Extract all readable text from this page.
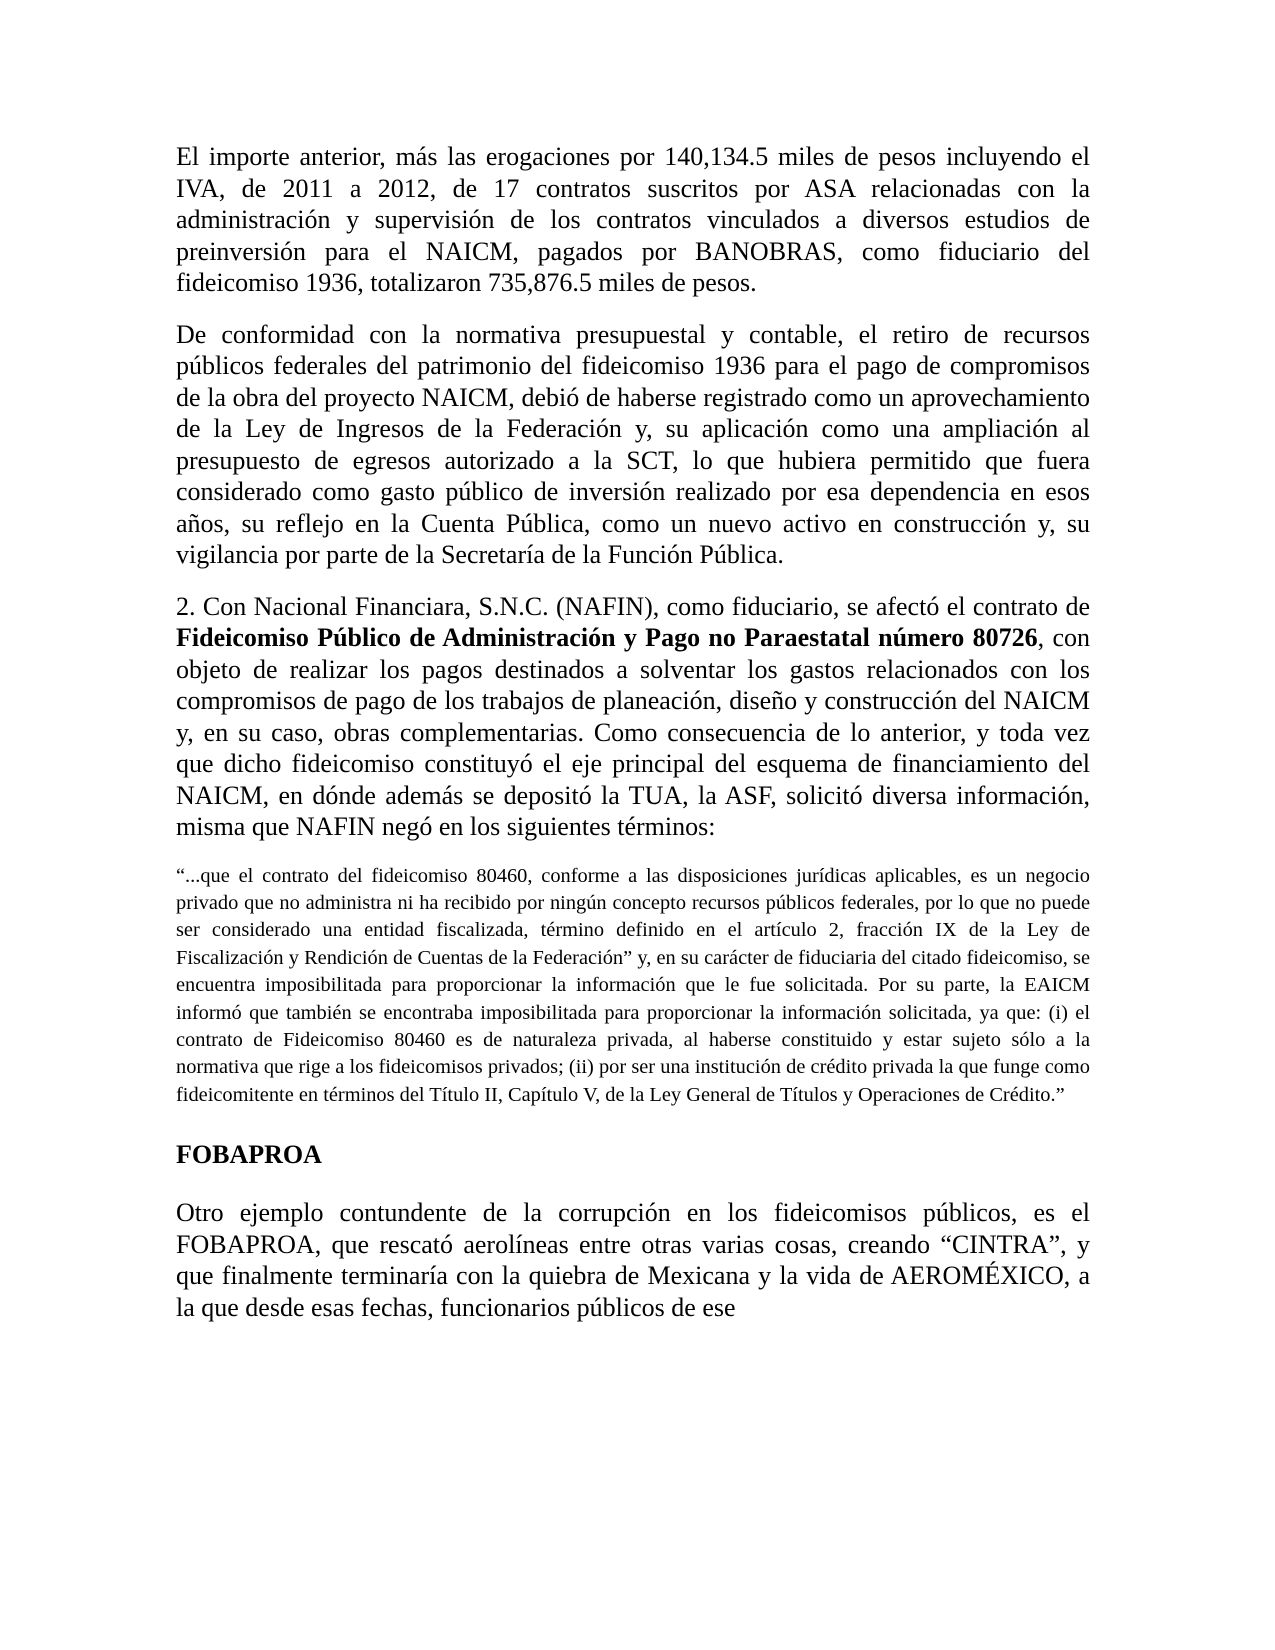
El importe anterior, más las erogaciones por 140,134.5 miles de pesos incluyendo el IVA, de 2011 a 2012, de 17 contratos suscritos por ASA relacionadas con la administración y supervisión de los contratos vinculados a diversos estudios de preinversión para el NAICM, pagados por BANOBRAS, como fiduciario del fideicomiso 1936, totalizaron 735,876.5 miles de pesos.

De conformidad con la normativa presupuestal y contable, el retiro de recursos públicos federales del patrimonio del fideicomiso 1936 para el pago de compromisos de la obra del proyecto NAICM, debió de haberse registrado como un aprovechamiento de la Ley de Ingresos de la Federación y, su aplicación como una ampliación al presupuesto de egresos autorizado a la SCT, lo que hubiera permitido que fuera considerado como gasto público de inversión realizado por esa dependencia en esos años, su reflejo en la Cuenta Pública, como un nuevo activo en construcción y, su vigilancia por parte de la Secretaría de la Función Pública.

2. Con Nacional Financiara, S.N.C. (NAFIN), como fiduciario, se afectó el contrato de Fideicomiso Público de Administración y Pago no Paraestatal número 80726, con objeto de realizar los pagos destinados a solventar los gastos relacionados con los compromisos de pago de los trabajos de planeación, diseño y construcción del NAICM y, en su caso, obras complementarias. Como consecuencia de lo anterior, y toda vez que dicho fideicomiso constituyó el eje principal del esquema de financiamiento del NAICM, en dónde además se depositó la TUA, la ASF, solicitó diversa información, misma que NAFIN negó en los siguientes términos:

“...que el contrato del fideicomiso 80460, conforme a las disposiciones jurídicas aplicables, es un negocio privado que no administra ni ha recibido por ningún concepto recursos públicos federales, por lo que no puede ser considerado una entidad fiscalizada, término definido en el artículo 2, fracción IX de la Ley de Fiscalización y Rendición de Cuentas de la Federación” y, en su carácter de fiduciaria del citado fideicomiso, se encuentra imposibilitada para proporcionar la información que le fue solicitada. Por su parte, la EAICM informó que también se encontraba imposibilitada para proporcionar la información solicitada, ya que: (i) el contrato de Fideicomiso 80460 es de naturaleza privada, al haberse constituido y estar sujeto sólo a la normativa que rige a los fideicomisos privados; (ii) por ser una institución de crédito privada la que funge como fideicomitente en términos del Título II, Capítulo V, de la Ley General de Títulos y Operaciones de Crédito.”

FOBAPROA

Otro ejemplo contundente de la corrupción en los fideicomisos públicos, es el FOBAPROA, que rescató aerolíneas entre otras varias cosas, creando “CINTRA”, y que finalmente terminaría con la quiebra de Mexicana y la vida de AEROMÉXICO, a la que desde esas fechas, funcionarios públicos de ese
